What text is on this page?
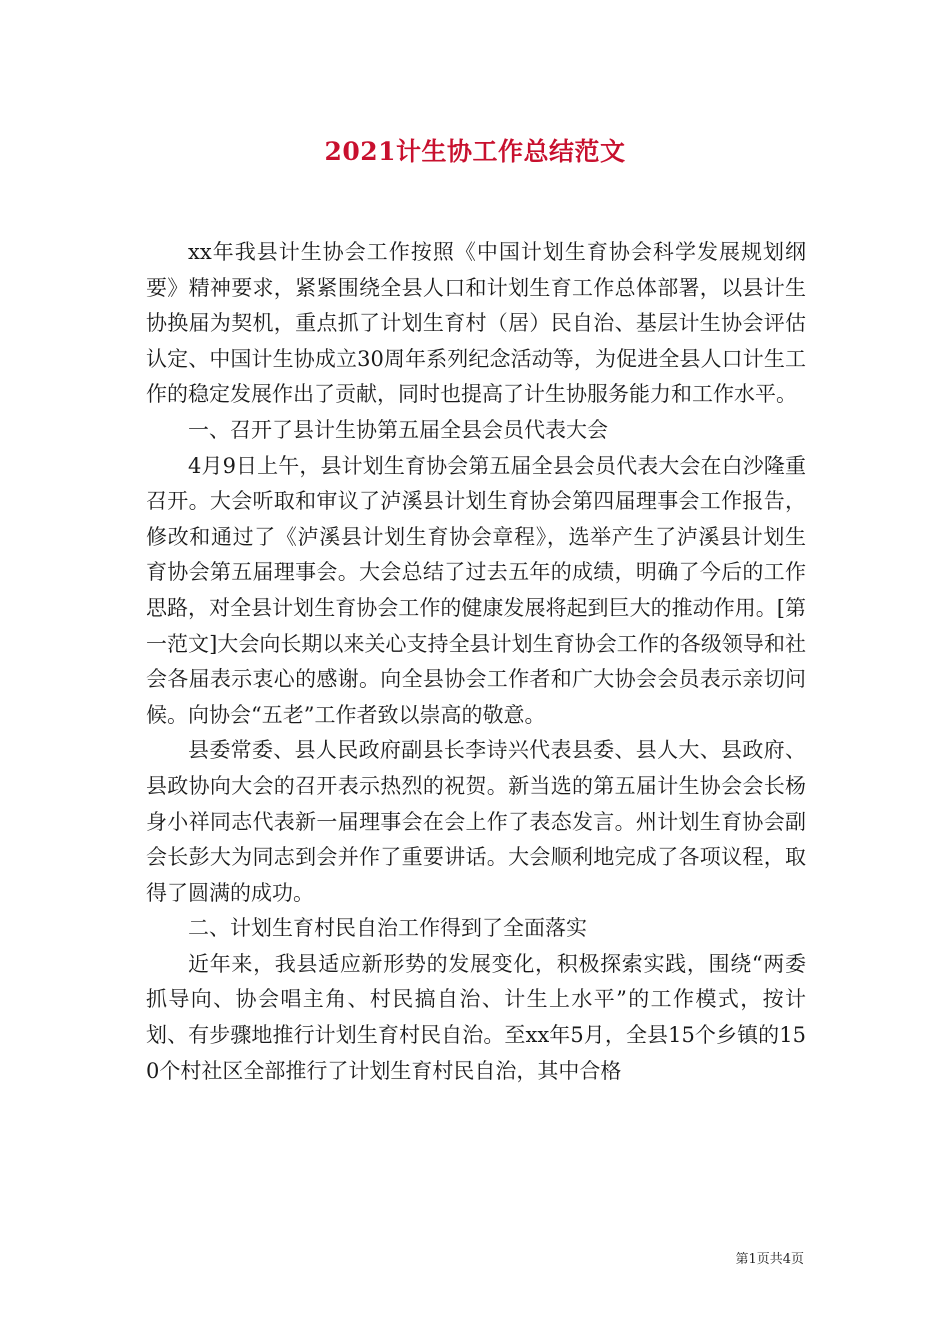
2021计生协工作总结范文

xx年我县计生协会工作按照《中国计划生育协会科学发展规划纲要》精神要求，紧紧围绕全县人口和计划生育工作总体部署，以县计生协换届为契机，重点抓了计划生育村（居）民自治、基层计生协会评估认定、中国计生协成立30周年系列纪念活动等，为促进全县人口计生工作的稳定发展作出了贡献，同时也提高了计生协服务能力和工作水平。

一、召开了县计生协第五届全县会员代表大会

4月9日上午，县计划生育协会第五届全县会员代表大会在白沙隆重召开。大会听取和审议了泸溪县计划生育协会第四届理事会工作报告，修改和通过了《泸溪县计划生育协会章程》，选举产生了泸溪县计划生育协会第五届理事会。大会总结了过去五年的成绩，明确了今后的工作思路，对全县计划生育协会工作的健康发展将起到巨大的推动作用。[第一范文]大会向长期以来关心支持全县计划生育协会工作的各级领导和社会各届表示衷心的感谢。向全县协会工作者和广大协会会员表示亲切问候。向协会“五老”工作者致以崇高的敬意。

县委常委、县人民政府副县长李诗兴代表县委、县人大、县政府、县政协向大会的召开表示热烈的祝贺。新当选的第五届计生协会会长杨身小祥同志代表新一届理事会在会上作了表态发言。州计划生育协会副会长彭大为同志到会并作了重要讲话。大会顺利地完成了各项议程，取得了圆满的成功。

二、计划生育村民自治工作得到了全面落实

近年来，我县适应新形势的发展变化，积极探索实践，围绕“两委抓导向、协会唱主角、村民搞自治、计生上水平”的工作模式，按计划、有步骤地推行计划生育村民自治。至xx年5月，全县15个乡镇的150个村社区全部推行了计划生育村民自治，其中合格

第1页共4页
